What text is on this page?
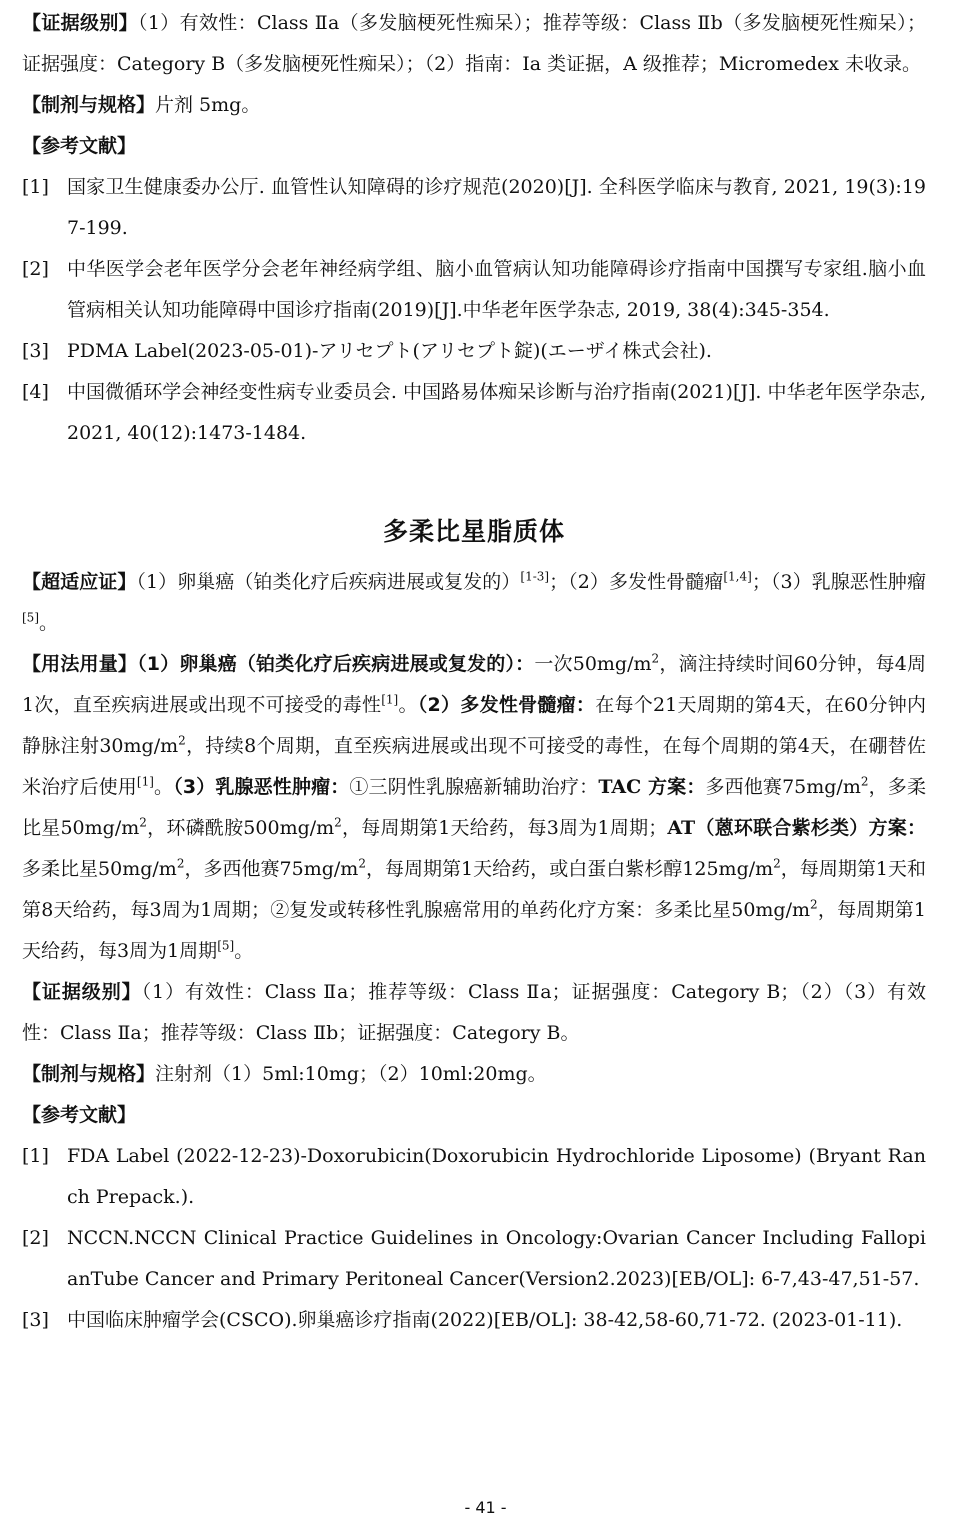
【证据级别】（1）有效性：Class Ⅱa（多发脑梗死性痴呆）；推荐等级：Class Ⅱb（多发脑梗死性痴呆）；证据强度：Category B（多发脑梗死性痴呆）；（2）指南：Ⅰa 类证据，A 级推荐；Micromedex 未收录。

【制剂与规格】片剂 5mg。

【参考文献】

[1] 国家卫生健康委办公厅. 血管性认知障碍的诊疗规范(2020)[J]. 全科医学临床与教育, 2021, 19(3):197-199.
[2] 中华医学会老年医学分会老年神经病学组、脑小血管病认知功能障碍诊疗指南中国撰写专家组.脑小血管病相关认知功能障碍中国诊疗指南(2019)[J].中华老年医学杂志, 2019, 38(4):345-354.
[3] PDMA Label(2023-05-01)-アリセプト(アリセプト錠)(エーザイ株式会社).
[4] 中国微循环学会神经变性病专业委员会. 中国路易体痴呆诊断与治疗指南(2021)[J]. 中华老年医学杂志, 2021, 40(12):1473-1484.
多柔比星脂质体

【超适应证】（1）卵巢癌（铂类化疗后疾病进展或复发的）[1-3]；（2）多发性骨髓瘤[1,4]；（3）乳腺恶性肿瘤[5]。

【用法用量】（1）卵巢癌（铂类化疗后疾病进展或复发的）：一次$50mg/m^2$，滴注持续时间60分钟，每4周1次，直至疾病进展或出现不可接受的毒性[1]。（2）多发性骨髓瘤：在每个21天周期的第4天，在60分钟内静脉注射$30mg/m^2$，持续8个周期，直至疾病进展或出现不可接受的毒性，在每个周期的第4天，在硼替佐米治疗后使用[1]。（3）乳腺恶性肿瘤：①三阴性乳腺癌新辅助治疗：TAC 方案：多西他赛$75mg/m^2$，多柔比星$50mg/m^2$，环磷酰胺$500mg/m^2$，每周期第1天给药，每3周为1周期；AT（蒽环联合紫杉类）方案：多柔比星$50mg/m^2$，多西他赛$75mg/m^2$，每周期第1天给药，或白蛋白紫杉醇$125mg/m^2$，每周期第1天和第8天给药，每3周为1周期；②复发或转移性乳腺癌常用的单药化疗方案：多柔比星$50mg/m^2$，每周期第1天给药，每3周为1周期[5]。

【证据级别】（1）有效性：Class Ⅱa；推荐等级：Class Ⅱa；证据强度：Category B；（2）（3）有效性：Class Ⅱa；推荐等级：Class Ⅱb；证据强度：Category B。

【制剂与规格】注射剂（1）5ml:10mg；（2）10ml:20mg。

【参考文献】

[1] FDA Label (2022-12-23)-Doxorubicin(Doxorubicin Hydrochloride Liposome) (Bryant Ranch Prepack.).
[2] NCCN.NCCN Clinical Practice Guidelines in Oncology:Ovarian Cancer Including FallopianTube Cancer and Primary Peritoneal Cancer(Version2.2023)[EB/OL]: 6-7,43-47,51-57.
[3] 中国临床肿瘤学会(CSCO).卵巢癌诊疗指南(2022)[EB/OL]: 38-42,58-60,71-72. (2023-01-11).
- 41 -
